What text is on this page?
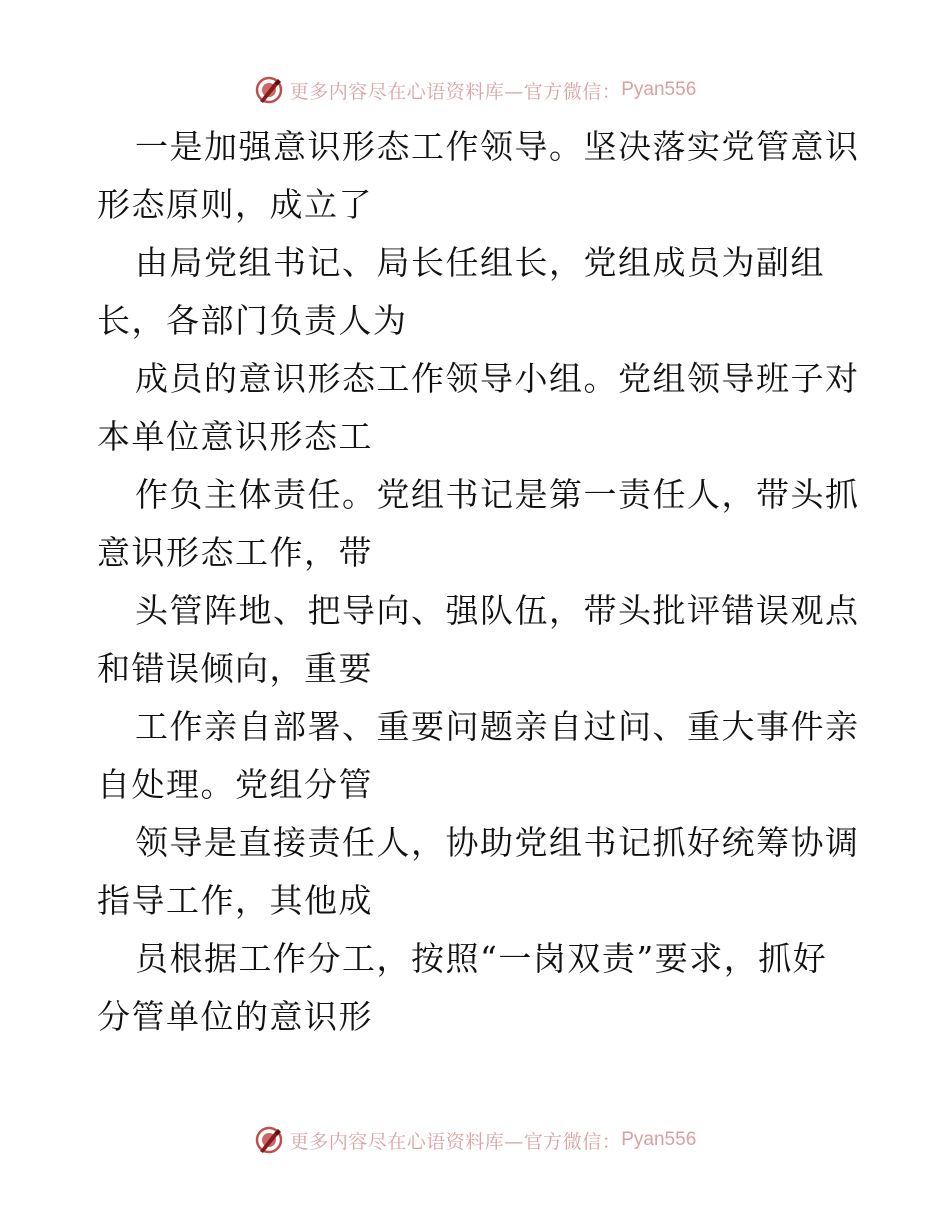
更多内容尽在心语资料库—官方微信： Pyan556

一是加强意识形态工作领导。坚决落实党管意识
形态原则，成立了

由局党组书记、局长任组长，党组成员为副组
长，各部门负责人为

成员的意识形态工作领导小组。党组领导班子对
本单位意识形态工

作负主体责任。党组书记是第一责任人，带头抓
意识形态工作，带

头管阵地、把导向、强队伍，带头批评错误观点
和错误倾向，重要

工作亲自部署、重要问题亲自过问、重大事件亲
自处理。党组分管

领导是直接责任人，协助党组书记抓好统筹协调
指导工作，其他成

员根据工作分工，按照“一岗双责”要求，抓好
分管单位的意识形

更多内容尽在心语资料库—官方微信： Pyan556
